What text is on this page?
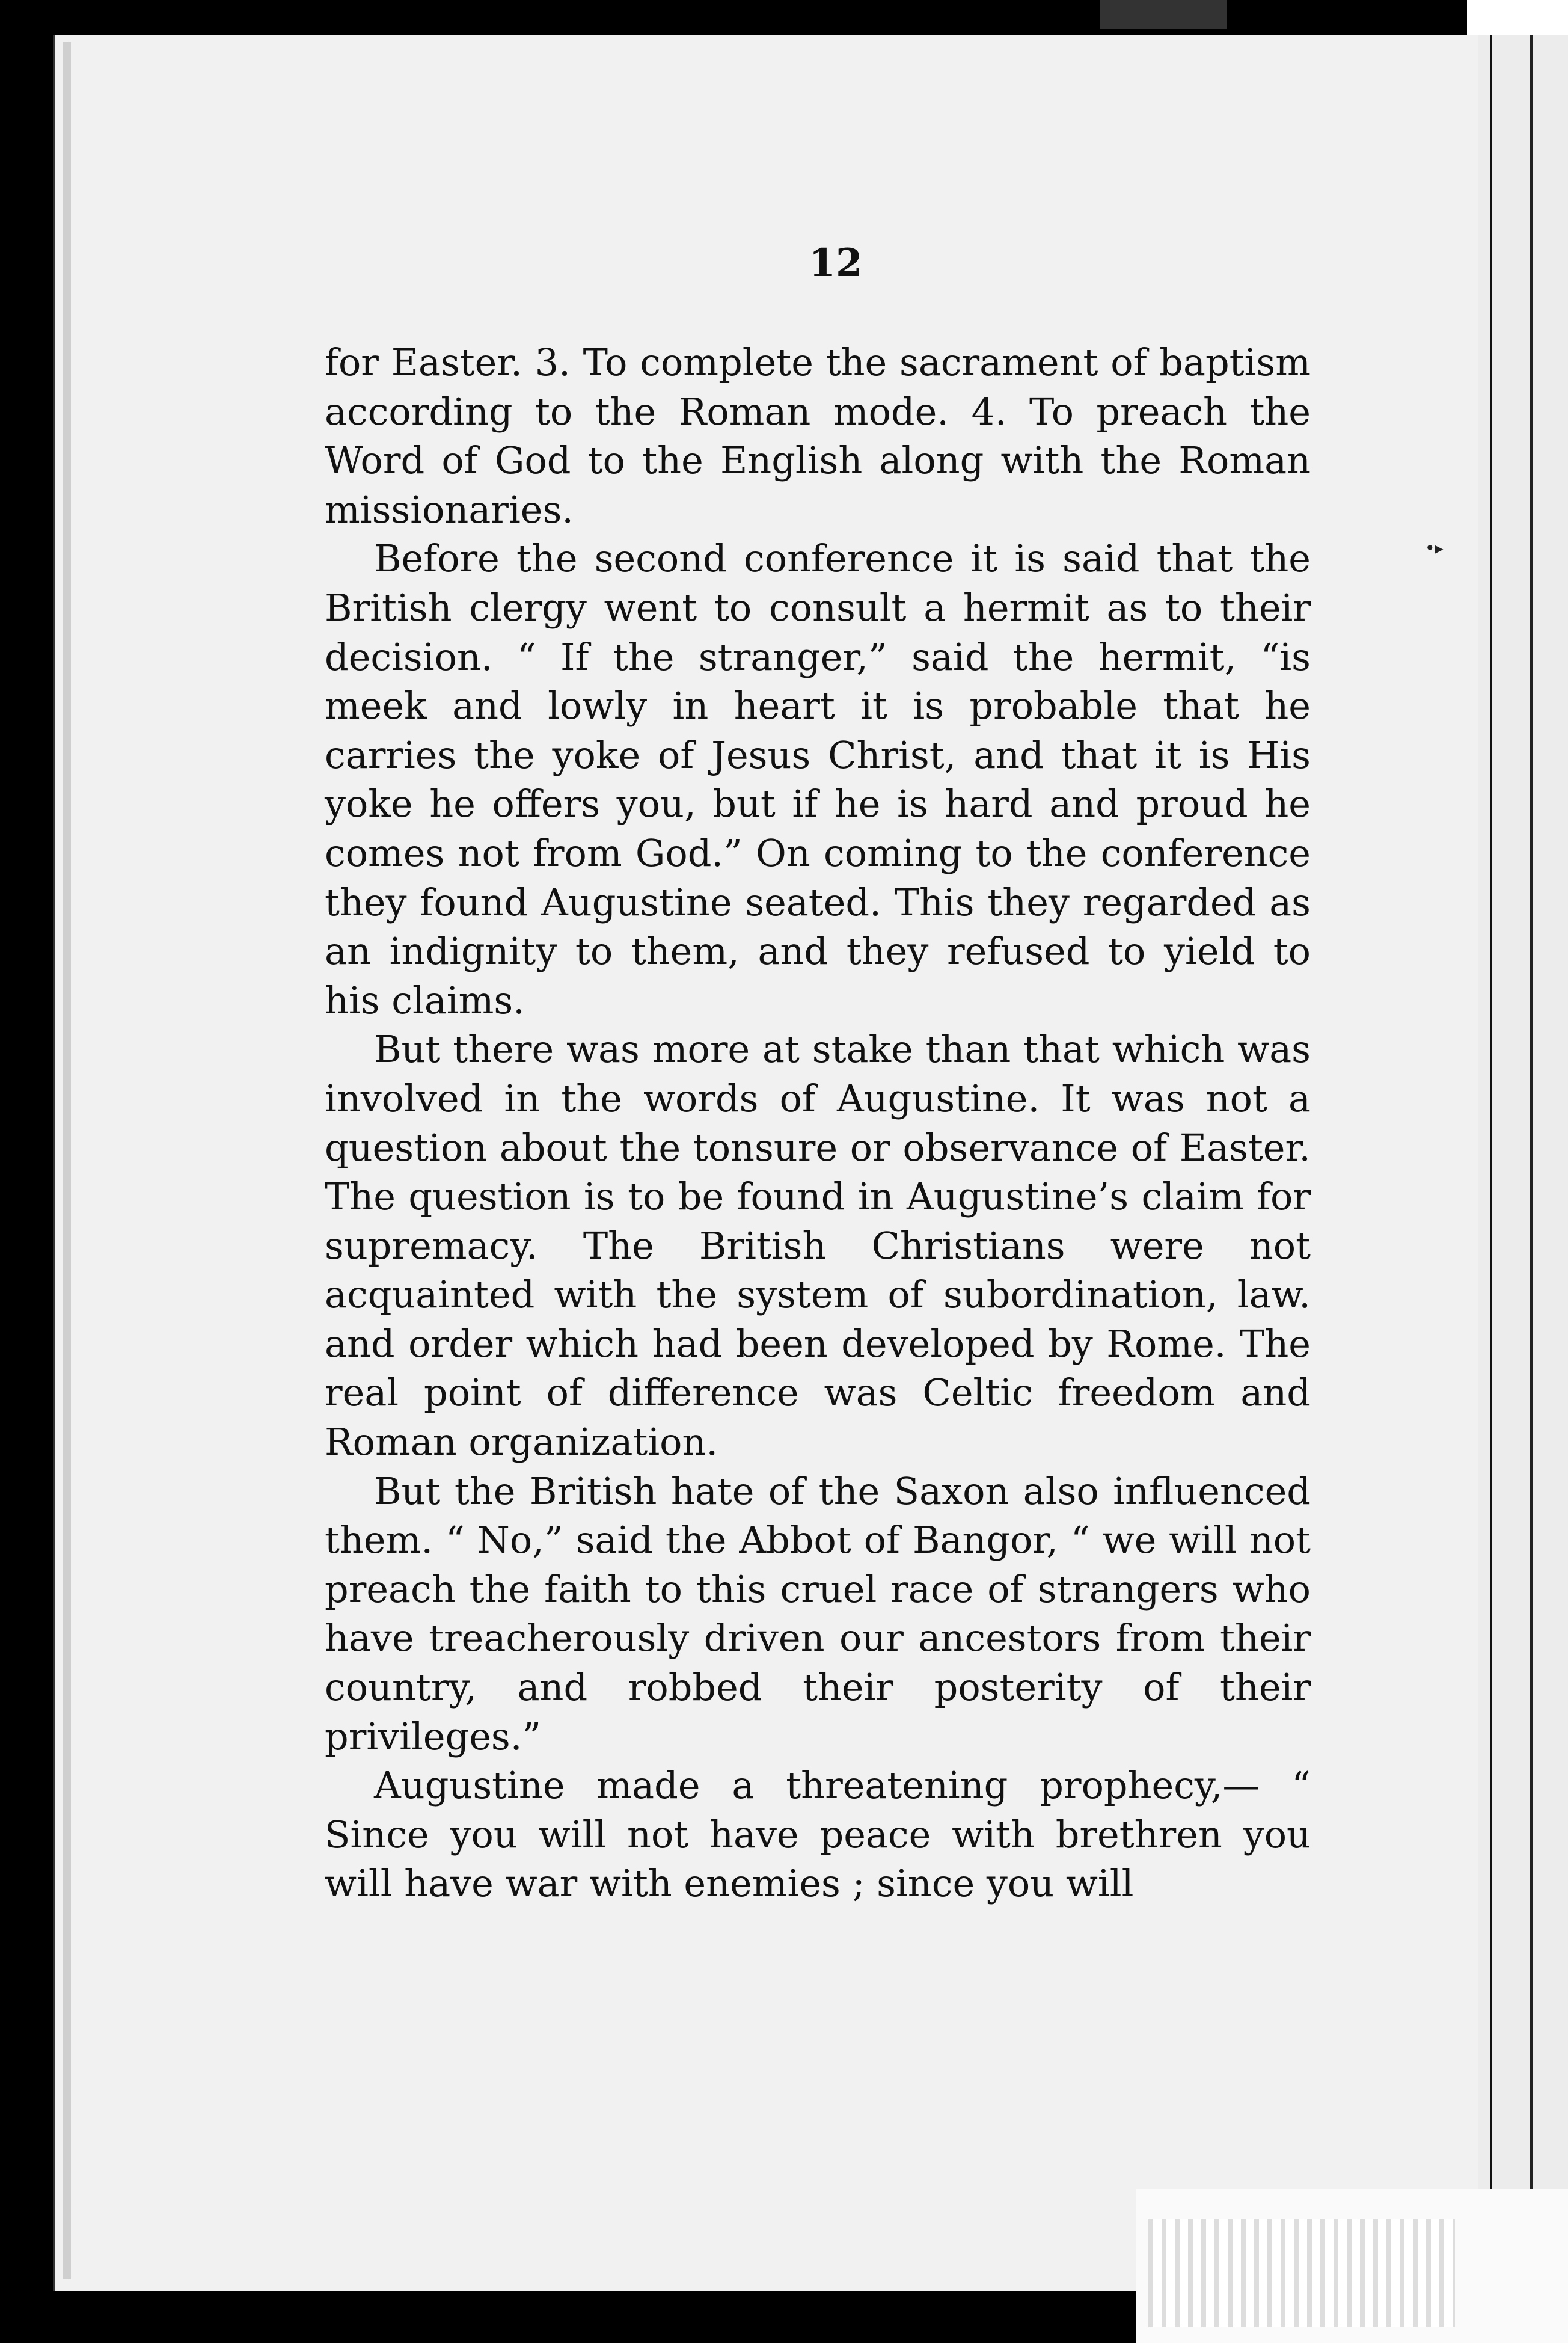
•▸
12

for Easter. 3. To complete the sacrament of baptism according to the Roman mode. 4. To preach the Word of God to the English along with the Roman missionaries.

Before the second conference it is said that the British clergy went to consult a hermit as to their decision. “ If the stranger,” said the hermit, “is meek and lowly in heart it is probable that he carries the yoke of Jesus Christ, and that it is His yoke he offers you, but if he is hard and proud he comes not from God.” On coming to the conference they found Augustine seated. This they regarded as an indignity to them, and they refused to yield to his claims.

But there was more at stake than that which was involved in the words of Augustine. It was not a question about the tonsure or observance of Easter. The question is to be found in Augustine’s claim for supremacy. The British Christians were not acquainted with the system of subordination, law. and order which had been developed by Rome. The real point of difference was Celtic freedom and Roman organization.

But the British hate of the Saxon also influenced them. “ No,” said the Abbot of Bangor, “ we will not preach the faith to this cruel race of strangers who have treacherously driven our ancestors from their country, and robbed their posterity of their privileges.”

Augustine made a threatening prophecy,— “ Since you will not have peace with brethren you will have war with enemies ; since you will
